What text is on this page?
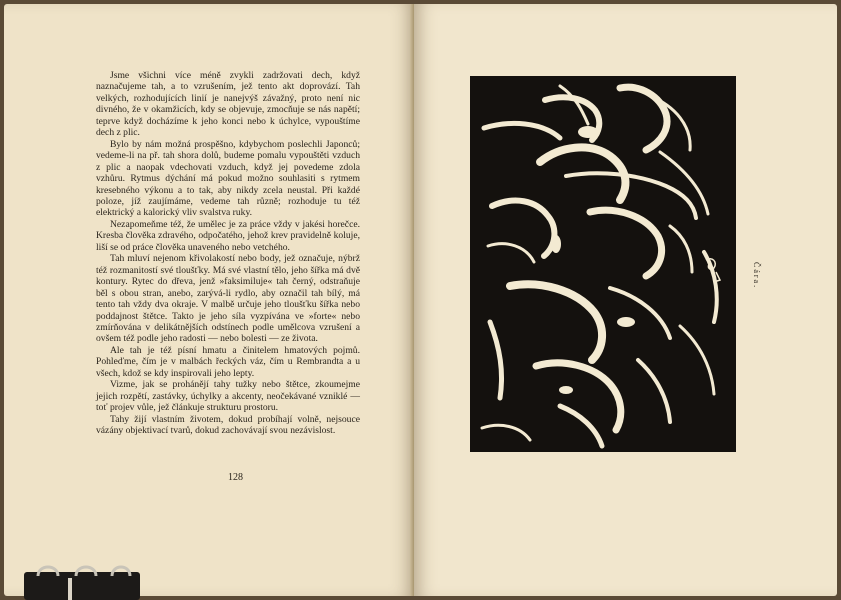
Jsme všichni více méně zvykli zadržovati dech, když naznačujeme tah, a to vzrušením, jež tento akt doprovází. Tah velkých, rozhodujících linií je nanejvýš závažný, proto není nic divného, že v okamžicích, kdy se objevuje, zmocňuje se nás napětí; teprve když docházíme k jeho konci nebo k úchylce, vypouštíme dech z plic.

Bylo by nám možná prospěšno, kdybychom poslechli Japonců; vedeme-li na př. tah shora dolů, budeme pomalu vypouštěti vzduch z plic a naopak vdechovati vzduch, když jej povedeme zdola vzhůru. Rytmus dýchání má pokud možno souhlasiti s rytmem kresebného výkonu a to tak, aby nikdy zcela neustal. Při každé poloze, jíž zaujímáme, vedeme tah různě; rozhoduje tu též elektrický a kalorický vliv svalstva ruky.

Nezapomeňme též, že umělec je za práce vždy v jakési horečce. Kresba člověka zdravého, odpočatého, jehož krev pravidelně koluje, liší se od práce člověka unaveného nebo vetchého.

Tah mluví nejenom křivolakostí nebo body, jež označuje, nýbrž též rozmanitostí své tloušťky. Má své vlastní tělo, jeho šířka má dvě kontury. Rytec do dřeva, jenž »faksimiluje« tah černý, odstraňuje běl s obou stran, anebo, zarývá-li rydlo, aby označil tah bílý, má tento tah vždy dva okraje. V malbě určuje jeho tloušťku šířka nebo poddajnost štětce. Takto je jeho síla vyzpívána ve »forte« nebo zmírňována v delikátnějších odstínech podle umělcova vzrušení a ovšem též podle jeho radosti — nebo bolesti — ze života.

Ale tah je též písní hmatu a činitelem hmatových pojmů. Pohleďme, čím je v malbách řeckých váz, čím u Rembrandta a u všech, kdož se kdy inspirovali jeho lepty.

Vizme, jak se prohánějí tahy tužky nebo štětce, zkoumejme jejich rozpětí, zastávky, úchylky a akcenty, neočekávané vzniklé — toť projev vůle, jež článkuje strukturu prostoru.

Tahy žijí vlastním životem, dokud probíhají volně, nejsouce vázány objektivací tvarů, dokud zachovávají svou nezávislost.

128
Čára.
